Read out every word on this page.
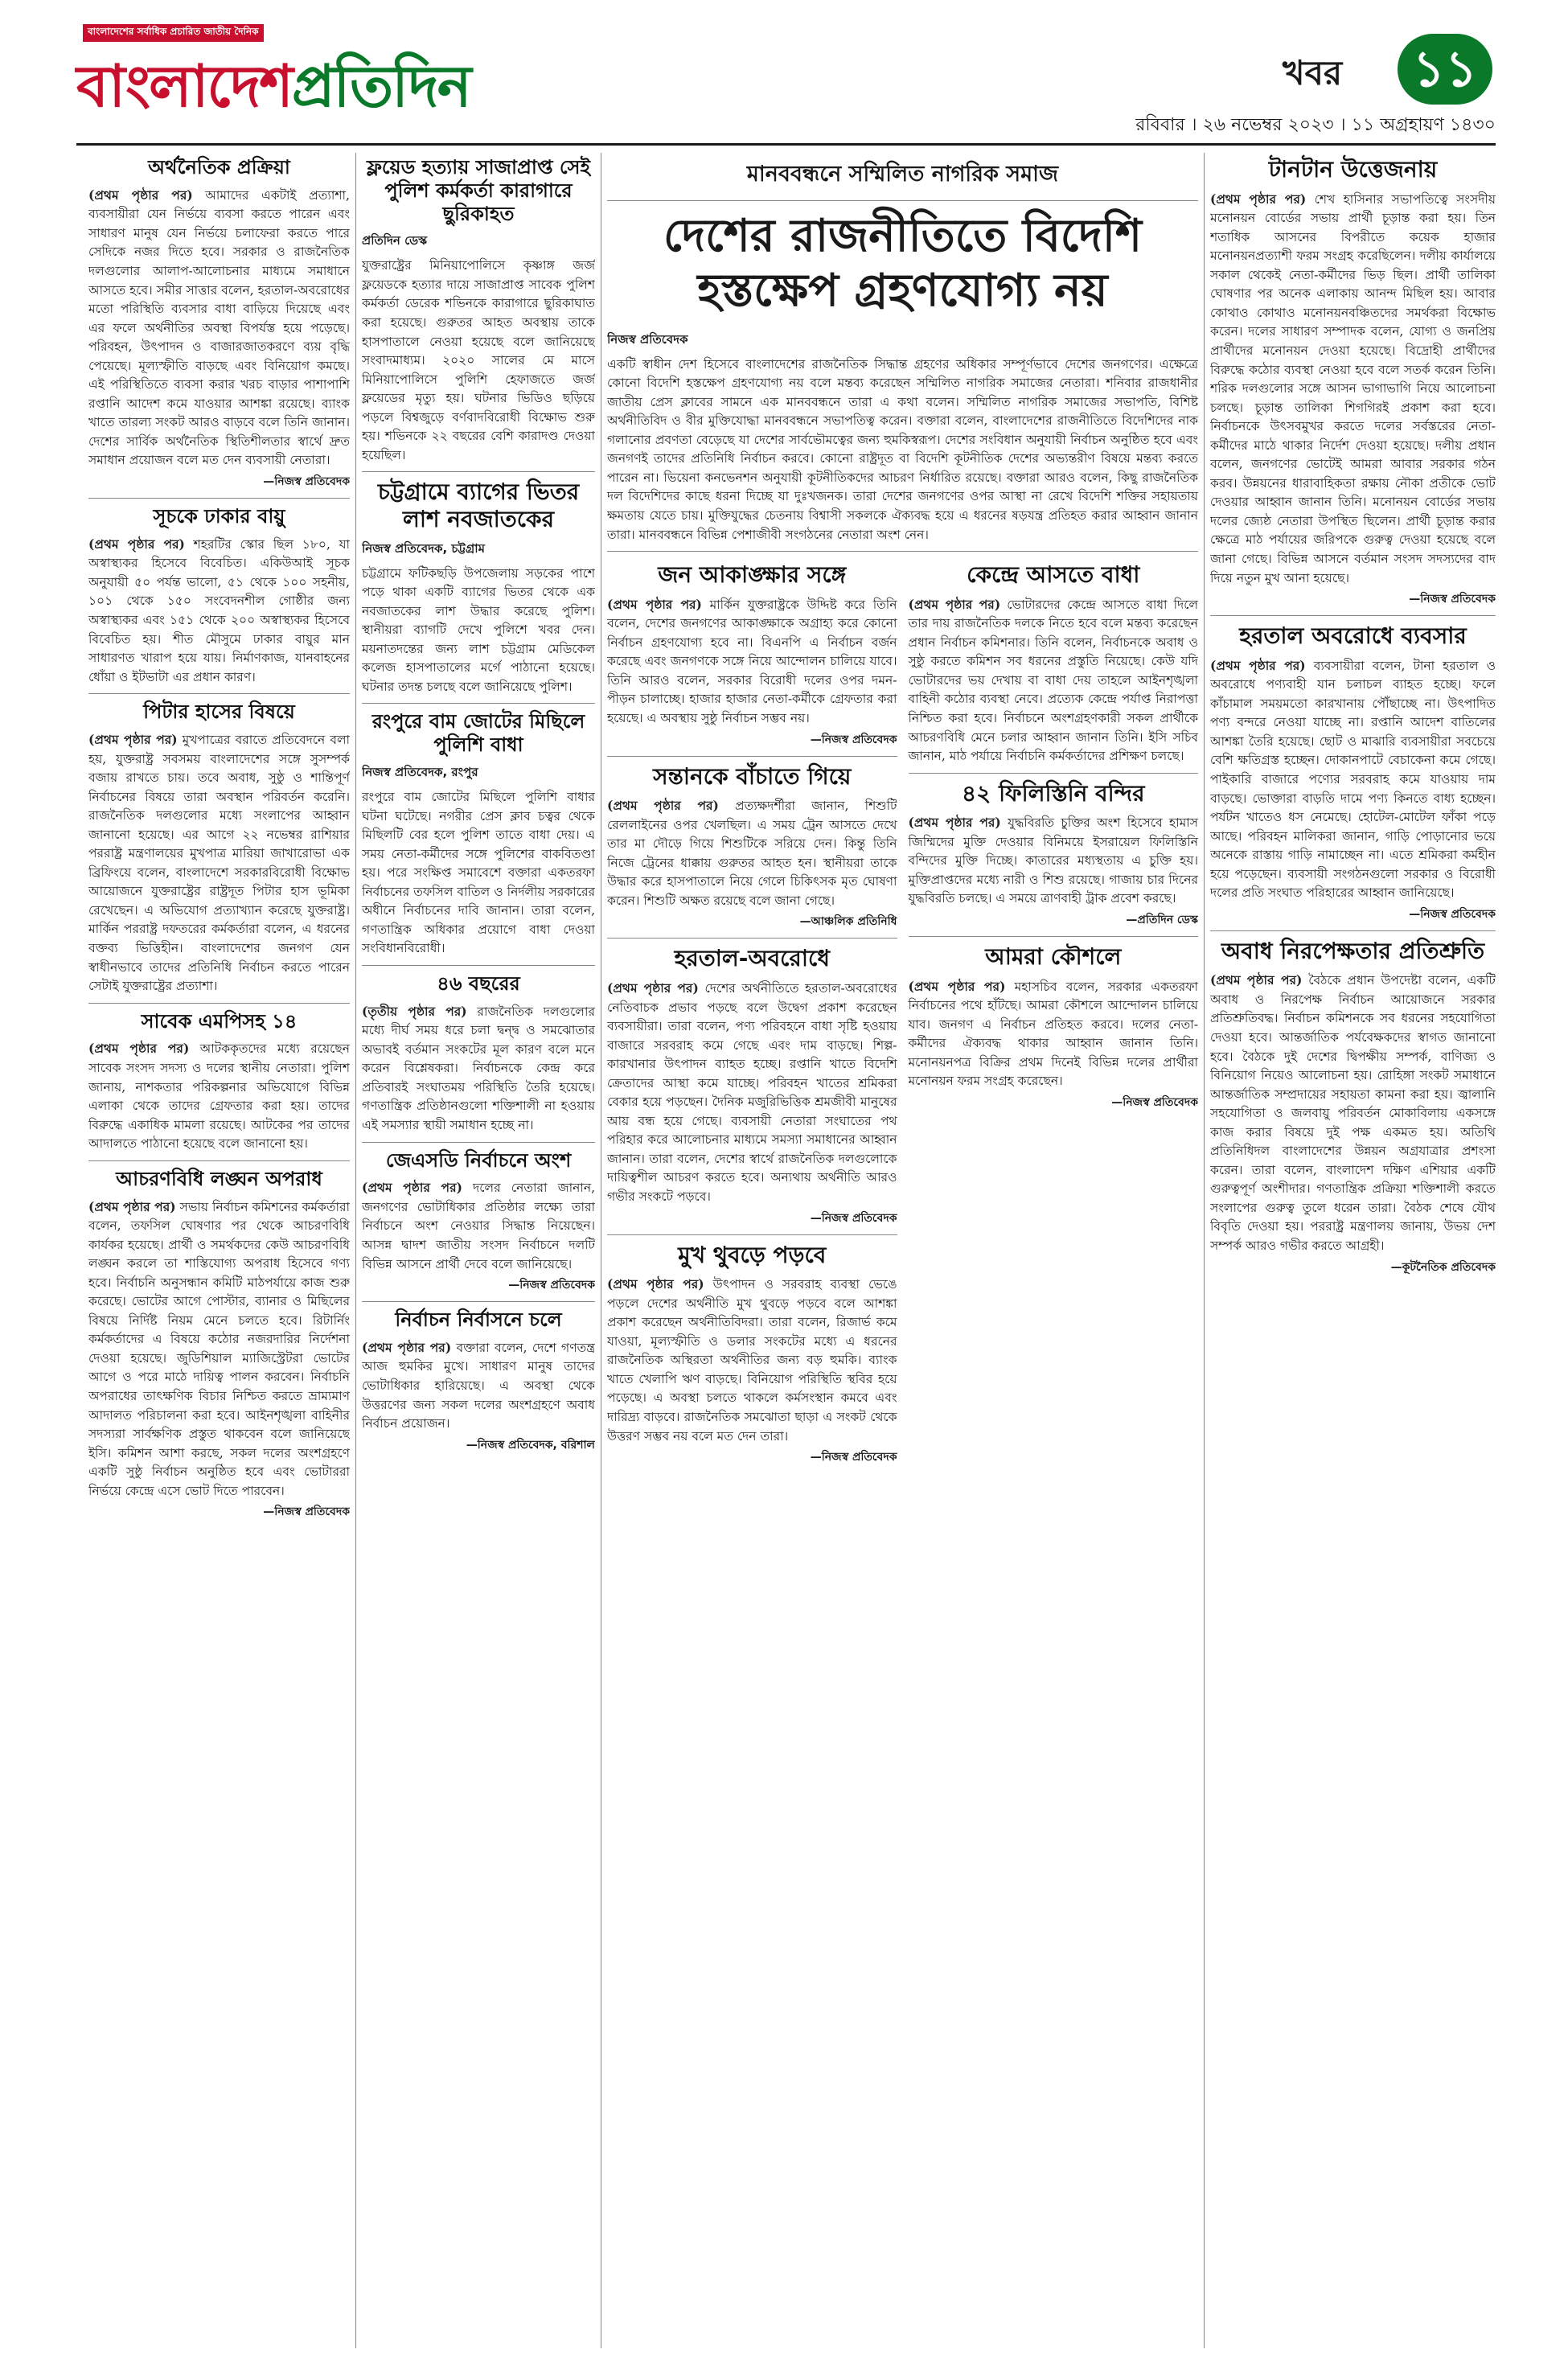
বাংলাদেশের সর্বাধিক প্রচারিত জাতীয় দৈনিক
বাংলাদেশপ্রতিদিন	খবর	১১
রবিবার । ২৬ নভেম্বর ২০২৩ । ১১ অগ্রহায়ণ ১৪৩০
অর্থনৈতিক প্রক্রিয়া
(প্রথম পৃষ্ঠার পর) আমাদের একটাই প্রত্যাশা, ব্যবসায়ীরা যেন নির্ভয়ে ব্যবসা করতে পারেন এবং সাধারণ মানুষ যেন নির্ভয়ে চলাফেরা করতে পারে সেদিকে নজর দিতে হবে। সরকার ও রাজনৈতিক দলগুলোর আলাপ-আলোচনার মাধ্যমে সমাধানে আসতে হবে। সমীর সাত্তার বলেন, হরতাল-অবরোধের মতো পরিস্থিতি ব্যবসার বাধা বাড়িয়ে দিয়েছে এবং এর ফলে অর্থনীতির অবস্থা বিপর্যস্ত হয়ে পড়েছে। পরিবহন, উৎপাদন ও বাজারজাতকরণে ব্যয় বৃদ্ধি পেয়েছে। মূল্যস্ফীতি বাড়ছে এবং বিনিয়োগ কমছে। এই পরিস্থিতিতে ব্যবসা করার খরচ বাড়ার পাশাপাশি রপ্তানি আদেশ কমে যাওয়ার আশঙ্কা রয়েছে। ব্যাংক খাতে তারল্য সংকট আরও বাড়বে বলে তিনি জানান। দেশের সার্বিক অর্থনৈতিক স্থিতিশীলতার স্বার্থে দ্রুত সমাধান প্রয়োজন বলে মত দেন ব্যবসায়ী নেতারা।
—নিজস্ব প্রতিবেদক
সূচকে ঢাকার বায়ু
(প্রথম পৃষ্ঠার পর) শহরটির স্কোর ছিল ১৮০, যা অস্বাস্থ্যকর হিসেবে বিবেচিত। একিউআই সূচক অনুযায়ী ৫০ পর্যন্ত ভালো, ৫১ থেকে ১০০ সহনীয়, ১০১ থেকে ১৫০ সংবেদনশীল গোষ্ঠীর জন্য অস্বাস্থ্যকর এবং ১৫১ থেকে ২০০ অস্বাস্থ্যকর হিসেবে বিবেচিত হয়। শীত মৌসুমে ঢাকার বায়ুর মান সাধারণত খারাপ হয়ে যায়। নির্মাণকাজ, যানবাহনের ধোঁয়া ও ইটভাটা এর প্রধান কারণ।
পিটার হাসের বিষয়ে
(প্রথম পৃষ্ঠার পর) মুখপাত্রের বরাতে প্রতিবেদনে বলা হয়, যুক্তরাষ্ট্র সবসময় বাংলাদেশের সঙ্গে সুসম্পর্ক বজায় রাখতে চায়। তবে অবাধ, সুষ্ঠু ও শান্তিপূর্ণ নির্বাচনের বিষয়ে তারা অবস্থান পরিবর্তন করেনি। রাজনৈতিক দলগুলোর মধ্যে সংলাপের আহ্বান জানানো হয়েছে। এর আগে ২২ নভেম্বর রাশিয়ার পররাষ্ট্র মন্ত্রণালয়ের মুখপাত্র মারিয়া জাখারোভা এক ব্রিফিংয়ে বলেন, বাংলাদেশে সরকারবিরোধী বিক্ষোভ আয়োজনে যুক্তরাষ্ট্রের রাষ্ট্রদূত পিটার হাস ভূমিকা রেখেছেন। এ অভিযোগ প্রত্যাখ্যান করেছে যুক্তরাষ্ট্র। মার্কিন পররাষ্ট্র দফতরের কর্মকর্তারা বলেন, এ ধরনের বক্তব্য ভিত্তিহীন। বাংলাদেশের জনগণ যেন স্বাধীনভাবে তাদের প্রতিনিধি নির্বাচন করতে পারেন সেটাই যুক্তরাষ্ট্রের প্রত্যাশা।
সাবেক এমপিসহ ১৪
(প্রথম পৃষ্ঠার পর) আটককৃতদের মধ্যে রয়েছেন সাবেক সংসদ সদস্য ও দলের স্থানীয় নেতারা। পুলিশ জানায়, নাশকতার পরিকল্পনার অভিযোগে বিভিন্ন এলাকা থেকে তাদের গ্রেফতার করা হয়। তাদের বিরুদ্ধে একাধিক মামলা রয়েছে। আটকের পর তাদের আদালতে পাঠানো হয়েছে বলে জানানো হয়।
আচরণবিধি লঙ্ঘন অপরাধ
(প্রথম পৃষ্ঠার পর) সভায় নির্বাচন কমিশনের কর্মকর্তারা বলেন, তফসিল ঘোষণার পর থেকে আচরণবিধি কার্যকর হয়েছে। প্রার্থী ও সমর্থকদের কেউ আচরণবিধি লঙ্ঘন করলে তা শাস্তিযোগ্য অপরাধ হিসেবে গণ্য হবে। নির্বাচনি অনুসন্ধান কমিটি মাঠপর্যায়ে কাজ শুরু করেছে। ভোটের আগে পোস্টার, ব্যানার ও মিছিলের বিষয়ে নির্দিষ্ট নিয়ম মেনে চলতে হবে। রিটার্নিং কর্মকর্তাদের এ বিষয়ে কঠোর নজরদারির নির্দেশনা দেওয়া হয়েছে। জুডিশিয়াল ম্যাজিস্ট্রেটরা ভোটের আগে ও পরে মাঠে দায়িত্ব পালন করবেন। নির্বাচনি অপরাধের তাৎক্ষণিক বিচার নিশ্চিত করতে ভ্রাম্যমাণ আদালত পরিচালনা করা হবে। আইনশৃঙ্খলা বাহিনীর সদস্যরা সার্বক্ষণিক প্রস্তুত থাকবেন বলে জানিয়েছে ইসি। কমিশন আশা করছে, সকল দলের অংশগ্রহণে একটি সুষ্ঠু নির্বাচন অনুষ্ঠিত হবে এবং ভোটাররা নির্ভয়ে কেন্দ্রে এসে ভোট দিতে পারবেন।
—নিজস্ব প্রতিবেদক
ফ্লয়েড হত্যায় সাজাপ্রাপ্ত সেই পুলিশ কর্মকর্তা কারাগারে ছুরিকাহত
প্রতিদিন ডেস্ক
যুক্তরাষ্ট্রের মিনিয়াপোলিসে কৃষ্ণাঙ্গ জর্জ ফ্লয়েডকে হত্যার দায়ে সাজাপ্রাপ্ত সাবেক পুলিশ কর্মকর্তা ডেরেক শভিনকে কারাগারে ছুরিকাঘাত করা হয়েছে। গুরুতর আহত অবস্থায় তাকে হাসপাতালে নেওয়া হয়েছে বলে জানিয়েছে সংবাদমাধ্যম। ২০২০ সালের মে মাসে মিনিয়াপোলিসে পুলিশি হেফাজতে জর্জ ফ্লয়েডের মৃত্যু হয়। ঘটনার ভিডিও ছড়িয়ে পড়লে বিশ্বজুড়ে বর্ণবাদবিরোধী বিক্ষোভ শুরু হয়। শভিনকে ২২ বছরের বেশি কারাদণ্ড দেওয়া হয়েছিল।
চট্টগ্রামে ব্যাগের ভিতর লাশ নবজাতকের
নিজস্ব প্রতিবেদক, চট্টগ্রাম
চট্টগ্রামে ফটিকছড়ি উপজেলায় সড়কের পাশে পড়ে থাকা একটি ব্যাগের ভিতর থেকে এক নবজাতকের লাশ উদ্ধার করেছে পুলিশ। স্থানীয়রা ব্যাগটি দেখে পুলিশে খবর দেন। ময়নাতদন্তের জন্য লাশ চট্টগ্রাম মেডিকেল কলেজ হাসপাতালের মর্গে পাঠানো হয়েছে। ঘটনার তদন্ত চলছে বলে জানিয়েছে পুলিশ।
রংপুরে বাম জোটের মিছিলে পুলিশি বাধা
নিজস্ব প্রতিবেদক, রংপুর
রংপুরে বাম জোটের মিছিলে পুলিশি বাধার ঘটনা ঘটেছে। নগরীর প্রেস ক্লাব চত্বর থেকে মিছিলটি বের হলে পুলিশ তাতে বাধা দেয়। এ সময় নেতা-কর্মীদের সঙ্গে পুলিশের বাকবিতণ্ডা হয়। পরে সংক্ষিপ্ত সমাবেশে বক্তারা একতরফা নির্বাচনের তফসিল বাতিল ও নির্দলীয় সরকারের অধীনে নির্বাচনের দাবি জানান। তারা বলেন, গণতান্ত্রিক অধিকার প্রয়োগে বাধা দেওয়া সংবিধানবিরোধী।
৪৬ বছরের
(তৃতীয় পৃষ্ঠার পর) রাজনৈতিক দলগুলোর মধ্যে দীর্ঘ সময় ধরে চলা দ্বন্দ্ব ও সমঝোতার অভাবই বর্তমান সংকটের মূল কারণ বলে মনে করেন বিশ্লেষকরা। নির্বাচনকে কেন্দ্র করে প্রতিবারই সংঘাতময় পরিস্থিতি তৈরি হয়েছে। গণতান্ত্রিক প্রতিষ্ঠানগুলো শক্তিশালী না হওয়ায় এই সমস্যার স্থায়ী সমাধান হচ্ছে না।
জেএসডি নির্বাচনে অংশ
(প্রথম পৃষ্ঠার পর) দলের নেতারা জানান, জনগণের ভোটাধিকার প্রতিষ্ঠার লক্ষ্যে তারা নির্বাচনে অংশ নেওয়ার সিদ্ধান্ত নিয়েছেন। আসন্ন দ্বাদশ জাতীয় সংসদ নির্বাচনে দলটি বিভিন্ন আসনে প্রার্থী দেবে বলে জানিয়েছে।
—নিজস্ব প্রতিবেদক
নির্বাচন নির্বাসনে চলে
(প্রথম পৃষ্ঠার পর) বক্তারা বলেন, দেশে গণতন্ত্র আজ হুমকির মুখে। সাধারণ মানুষ তাদের ভোটাধিকার হারিয়েছে। এ অবস্থা থেকে উত্তরণের জন্য সকল দলের অংশগ্রহণে অবাধ নির্বাচন প্রয়োজন।
—নিজস্ব প্রতিবেদক, বরিশাল
মানববন্ধনে সম্মিলিত নাগরিক সমাজ
দেশের রাজনীতিতে বিদেশি হস্তক্ষেপ গ্রহণযোগ্য নয়
নিজস্ব প্রতিবেদক
একটি স্বাধীন দেশ হিসেবে বাংলাদেশের রাজনৈতিক সিদ্ধান্ত গ্রহণের অধিকার সম্পূর্ণভাবে দেশের জনগণের। এক্ষেত্রে কোনো বিদেশি হস্তক্ষেপ গ্রহণযোগ্য নয় বলে মন্তব্য করেছেন সম্মিলিত নাগরিক সমাজের নেতারা। শনিবার রাজধানীর জাতীয় প্রেস ক্লাবের সামনে এক মানববন্ধনে তারা এ কথা বলেন। সম্মিলিত নাগরিক সমাজের সভাপতি, বিশিষ্ট অর্থনীতিবিদ ও বীর মুক্তিযোদ্ধা মানববন্ধনে সভাপতিত্ব করেন। বক্তারা বলেন, বাংলাদেশের রাজনীতিতে বিদেশিদের নাক গলানোর প্রবণতা বেড়েছে যা দেশের সার্বভৌমত্বের জন্য হুমকিস্বরূপ। দেশের সংবিধান অনুযায়ী নির্বাচন অনুষ্ঠিত হবে এবং জনগণই তাদের প্রতিনিধি নির্বাচন করবে। কোনো রাষ্ট্রদূত বা বিদেশি কূটনীতিক দেশের অভ্যন্তরীণ বিষয়ে মন্তব্য করতে পারেন না। ভিয়েনা কনভেনশন অনুযায়ী কূটনীতিকদের আচরণ নির্ধারিত রয়েছে। বক্তারা আরও বলেন, কিছু রাজনৈতিক দল বিদেশিদের কাছে ধরনা দিচ্ছে যা দুঃখজনক। তারা দেশের জনগণের ওপর আস্থা না রেখে বিদেশি শক্তির সহায়তায় ক্ষমতায় যেতে চায়। মুক্তিযুদ্ধের চেতনায় বিশ্বাসী সকলকে ঐক্যবদ্ধ হয়ে এ ধরনের ষড়যন্ত্র প্রতিহত করার আহ্বান জানান তারা। মানববন্ধনে বিভিন্ন পেশাজীবী সংগঠনের নেতারা অংশ নেন।
জন আকাঙ্ক্ষার সঙ্গে
(প্রথম পৃষ্ঠার পর) মার্কিন যুক্তরাষ্ট্রকে উদ্দিষ্ট করে তিনি বলেন, দেশের জনগণের আকাঙ্ক্ষাকে অগ্রাহ্য করে কোনো নির্বাচন গ্রহণযোগ্য হবে না। বিএনপি এ নির্বাচন বর্জন করেছে এবং জনগণকে সঙ্গে নিয়ে আন্দোলন চালিয়ে যাবে। তিনি আরও বলেন, সরকার বিরোধী দলের ওপর দমন-পীড়ন চালাচ্ছে। হাজার হাজার নেতা-কর্মীকে গ্রেফতার করা হয়েছে। এ অবস্থায় সুষ্ঠু নির্বাচন সম্ভব নয়।
—নিজস্ব প্রতিবেদক
সন্তানকে বাঁচাতে গিয়ে
(প্রথম পৃষ্ঠার পর) প্রত্যক্ষদর্শীরা জানান, শিশুটি রেললাইনের ওপর খেলছিল। এ সময় ট্রেন আসতে দেখে তার মা দৌড়ে গিয়ে শিশুটিকে সরিয়ে দেন। কিন্তু তিনি নিজে ট্রেনের ধাক্কায় গুরুতর আহত হন। স্থানীয়রা তাকে উদ্ধার করে হাসপাতালে নিয়ে গেলে চিকিৎসক মৃত ঘোষণা করেন। শিশুটি অক্ষত রয়েছে বলে জানা গেছে।
—আঞ্চলিক প্রতিনিধি
হরতাল-অবরোধে
(প্রথম পৃষ্ঠার পর) দেশের অর্থনীতিতে হরতাল-অবরোধের নেতিবাচক প্রভাব পড়ছে বলে উদ্বেগ প্রকাশ করেছেন ব্যবসায়ীরা। তারা বলেন, পণ্য পরিবহনে বাধা সৃষ্টি হওয়ায় বাজারে সরবরাহ কমে গেছে এবং দাম বাড়ছে। শিল্প-কারখানার উৎপাদন ব্যাহত হচ্ছে। রপ্তানি খাতে বিদেশি ক্রেতাদের আস্থা কমে যাচ্ছে। পরিবহন খাতের শ্রমিকরা বেকার হয়ে পড়ছেন। দৈনিক মজুরিভিত্তিক শ্রমজীবী মানুষের আয় বন্ধ হয়ে গেছে। ব্যবসায়ী নেতারা সংঘাতের পথ পরিহার করে আলোচনার মাধ্যমে সমস্যা সমাধানের আহ্বান জানান। তারা বলেন, দেশের স্বার্থে রাজনৈতিক দলগুলোকে দায়িত্বশীল আচরণ করতে হবে। অন্যথায় অর্থনীতি আরও গভীর সংকটে পড়বে।
—নিজস্ব প্রতিবেদক
মুখ থুবড়ে পড়বে
(প্রথম পৃষ্ঠার পর) উৎপাদন ও সরবরাহ ব্যবস্থা ভেঙে পড়লে দেশের অর্থনীতি মুখ থুবড়ে পড়বে বলে আশঙ্কা প্রকাশ করেছেন অর্থনীতিবিদরা। তারা বলেন, রিজার্ভ কমে যাওয়া, মূল্যস্ফীতি ও ডলার সংকটের মধ্যে এ ধরনের রাজনৈতিক অস্থিরতা অর্থনীতির জন্য বড় হুমকি। ব্যাংক খাতে খেলাপি ঋণ বাড়ছে। বিনিয়োগ পরিস্থিতি স্থবির হয়ে পড়েছে। এ অবস্থা চলতে থাকলে কর্মসংস্থান কমবে এবং দারিদ্র্য বাড়বে। রাজনৈতিক সমঝোতা ছাড়া এ সংকট থেকে উত্তরণ সম্ভব নয় বলে মত দেন তারা।
—নিজস্ব প্রতিবেদক
কেন্দ্রে আসতে বাধা
(প্রথম পৃষ্ঠার পর) ভোটারদের কেন্দ্রে আসতে বাধা দিলে তার দায় রাজনৈতিক দলকে নিতে হবে বলে মন্তব্য করেছেন প্রধান নির্বাচন কমিশনার। তিনি বলেন, নির্বাচনকে অবাধ ও সুষ্ঠু করতে কমিশন সব ধরনের প্রস্তুতি নিয়েছে। কেউ যদি ভোটারদের ভয় দেখায় বা বাধা দেয় তাহলে আইনশৃঙ্খলা বাহিনী কঠোর ব্যবস্থা নেবে। প্রত্যেক কেন্দ্রে পর্যাপ্ত নিরাপত্তা নিশ্চিত করা হবে। নির্বাচনে অংশগ্রহণকারী সকল প্রার্থীকে আচরণবিধি মেনে চলার আহ্বান জানান তিনি। ইসি সচিব জানান, মাঠ পর্যায়ে নির্বাচনি কর্মকর্তাদের প্রশিক্ষণ চলছে।
৪২ ফিলিস্তিনি বন্দির
(প্রথম পৃষ্ঠার পর) যুদ্ধবিরতি চুক্তির অংশ হিসেবে হামাস জিম্মিদের মুক্তি দেওয়ার বিনিময়ে ইসরায়েল ফিলিস্তিনি বন্দিদের মুক্তি দিচ্ছে। কাতারের মধ্যস্থতায় এ চুক্তি হয়। মুক্তিপ্রাপ্তদের মধ্যে নারী ও শিশু রয়েছে। গাজায় চার দিনের যুদ্ধবিরতি চলছে। এ সময়ে ত্রাণবাহী ট্রাক প্রবেশ করছে।
—প্রতিদিন ডেস্ক
আমরা কৌশলে
(প্রথম পৃষ্ঠার পর) মহাসচিব বলেন, সরকার একতরফা নির্বাচনের পথে হাঁটছে। আমরা কৌশলে আন্দোলন চালিয়ে যাব। জনগণ এ নির্বাচন প্রতিহত করবে। দলের নেতা-কর্মীদের ঐক্যবদ্ধ থাকার আহ্বান জানান তিনি। মনোনয়নপত্র বিক্রির প্রথম দিনেই বিভিন্ন দলের প্রার্থীরা মনোনয়ন ফরম সংগ্রহ করেছেন।
—নিজস্ব প্রতিবেদক
টানটান উত্তেজনায়
(প্রথম পৃষ্ঠার পর) শেখ হাসিনার সভাপতিত্বে সংসদীয় মনোনয়ন বোর্ডের সভায় প্রার্থী চূড়ান্ত করা হয়। তিন শতাধিক আসনের বিপরীতে কয়েক হাজার মনোনয়নপ্রত্যাশী ফরম সংগ্রহ করেছিলেন। দলীয় কার্যালয়ে সকাল থেকেই নেতা-কর্মীদের ভিড় ছিল। প্রার্থী তালিকা ঘোষণার পর অনেক এলাকায় আনন্দ মিছিল হয়। আবার কোথাও কোথাও মনোনয়নবঞ্চিতদের সমর্থকরা বিক্ষোভ করেন। দলের সাধারণ সম্পাদক বলেন, যোগ্য ও জনপ্রিয় প্রার্থীদের মনোনয়ন দেওয়া হয়েছে। বিদ্রোহী প্রার্থীদের বিরুদ্ধে কঠোর ব্যবস্থা নেওয়া হবে বলে সতর্ক করেন তিনি। শরিক দলগুলোর সঙ্গে আসন ভাগাভাগি নিয়ে আলোচনা চলছে। চূড়ান্ত তালিকা শিগগিরই প্রকাশ করা হবে। নির্বাচনকে উৎসবমুখর করতে দলের সর্বস্তরের নেতা-কর্মীদের মাঠে থাকার নির্দেশ দেওয়া হয়েছে। দলীয় প্রধান বলেন, জনগণের ভোটেই আমরা আবার সরকার গঠন করব। উন্নয়নের ধারাবাহিকতা রক্ষায় নৌকা প্রতীকে ভোট দেওয়ার আহ্বান জানান তিনি। মনোনয়ন বোর্ডের সভায় দলের জ্যেষ্ঠ নেতারা উপস্থিত ছিলেন। প্রার্থী চূড়ান্ত করার ক্ষেত্রে মাঠ পর্যায়ের জরিপকে গুরুত্ব দেওয়া হয়েছে বলে জানা গেছে। বিভিন্ন আসনে বর্তমান সংসদ সদস্যদের বাদ দিয়ে নতুন মুখ আনা হয়েছে।
—নিজস্ব প্রতিবেদক
হরতাল অবরোধে ব্যবসার
(প্রথম পৃষ্ঠার পর) ব্যবসায়ীরা বলেন, টানা হরতাল ও অবরোধে পণ্যবাহী যান চলাচল ব্যাহত হচ্ছে। ফলে কাঁচামাল সময়মতো কারখানায় পৌঁছাচ্ছে না। উৎপাদিত পণ্য বন্দরে নেওয়া যাচ্ছে না। রপ্তানি আদেশ বাতিলের আশঙ্কা তৈরি হয়েছে। ছোট ও মাঝারি ব্যবসায়ীরা সবচেয়ে বেশি ক্ষতিগ্রস্ত হচ্ছেন। দোকানপাটে বেচাকেনা কমে গেছে। পাইকারি বাজারে পণ্যের সরবরাহ কমে যাওয়ায় দাম বাড়ছে। ভোক্তারা বাড়তি দামে পণ্য কিনতে বাধ্য হচ্ছেন। পর্যটন খাতেও ধস নেমেছে। হোটেল-মোটেল ফাঁকা পড়ে আছে। পরিবহন মালিকরা জানান, গাড়ি পোড়ানোর ভয়ে অনেকে রাস্তায় গাড়ি নামাচ্ছেন না। এতে শ্রমিকরা কর্মহীন হয়ে পড়েছেন। ব্যবসায়ী সংগঠনগুলো সরকার ও বিরোধী দলের প্রতি সংঘাত পরিহারের আহ্বান জানিয়েছে।
—নিজস্ব প্রতিবেদক
অবাধ নিরপেক্ষতার প্রতিশ্রুতি
(প্রথম পৃষ্ঠার পর) বৈঠকে প্রধান উপদেষ্টা বলেন, একটি অবাধ ও নিরপেক্ষ নির্বাচন আয়োজনে সরকার প্রতিশ্রুতিবদ্ধ। নির্বাচন কমিশনকে সব ধরনের সহযোগিতা দেওয়া হবে। আন্তর্জাতিক পর্যবেক্ষকদের স্বাগত জানানো হবে। বৈঠকে দুই দেশের দ্বিপক্ষীয় সম্পর্ক, বাণিজ্য ও বিনিয়োগ নিয়েও আলোচনা হয়। রোহিঙ্গা সংকট সমাধানে আন্তর্জাতিক সম্প্রদায়ের সহায়তা কামনা করা হয়। জ্বালানি সহযোগিতা ও জলবায়ু পরিবর্তন মোকাবিলায় একসঙ্গে কাজ করার বিষয়ে দুই পক্ষ একমত হয়। অতিথি প্রতিনিধিদল বাংলাদেশের উন্নয়ন অগ্রযাত্রার প্রশংসা করেন। তারা বলেন, বাংলাদেশ দক্ষিণ এশিয়ার একটি গুরুত্বপূর্ণ অংশীদার। গণতান্ত্রিক প্রক্রিয়া শক্তিশালী করতে সংলাপের গুরুত্ব তুলে ধরেন তারা। বৈঠক শেষে যৌথ বিবৃতি দেওয়া হয়। পররাষ্ট্র মন্ত্রণালয় জানায়, উভয় দেশ সম্পর্ক আরও গভীর করতে আগ্রহী।
—কূটনৈতিক প্রতিবেদক
